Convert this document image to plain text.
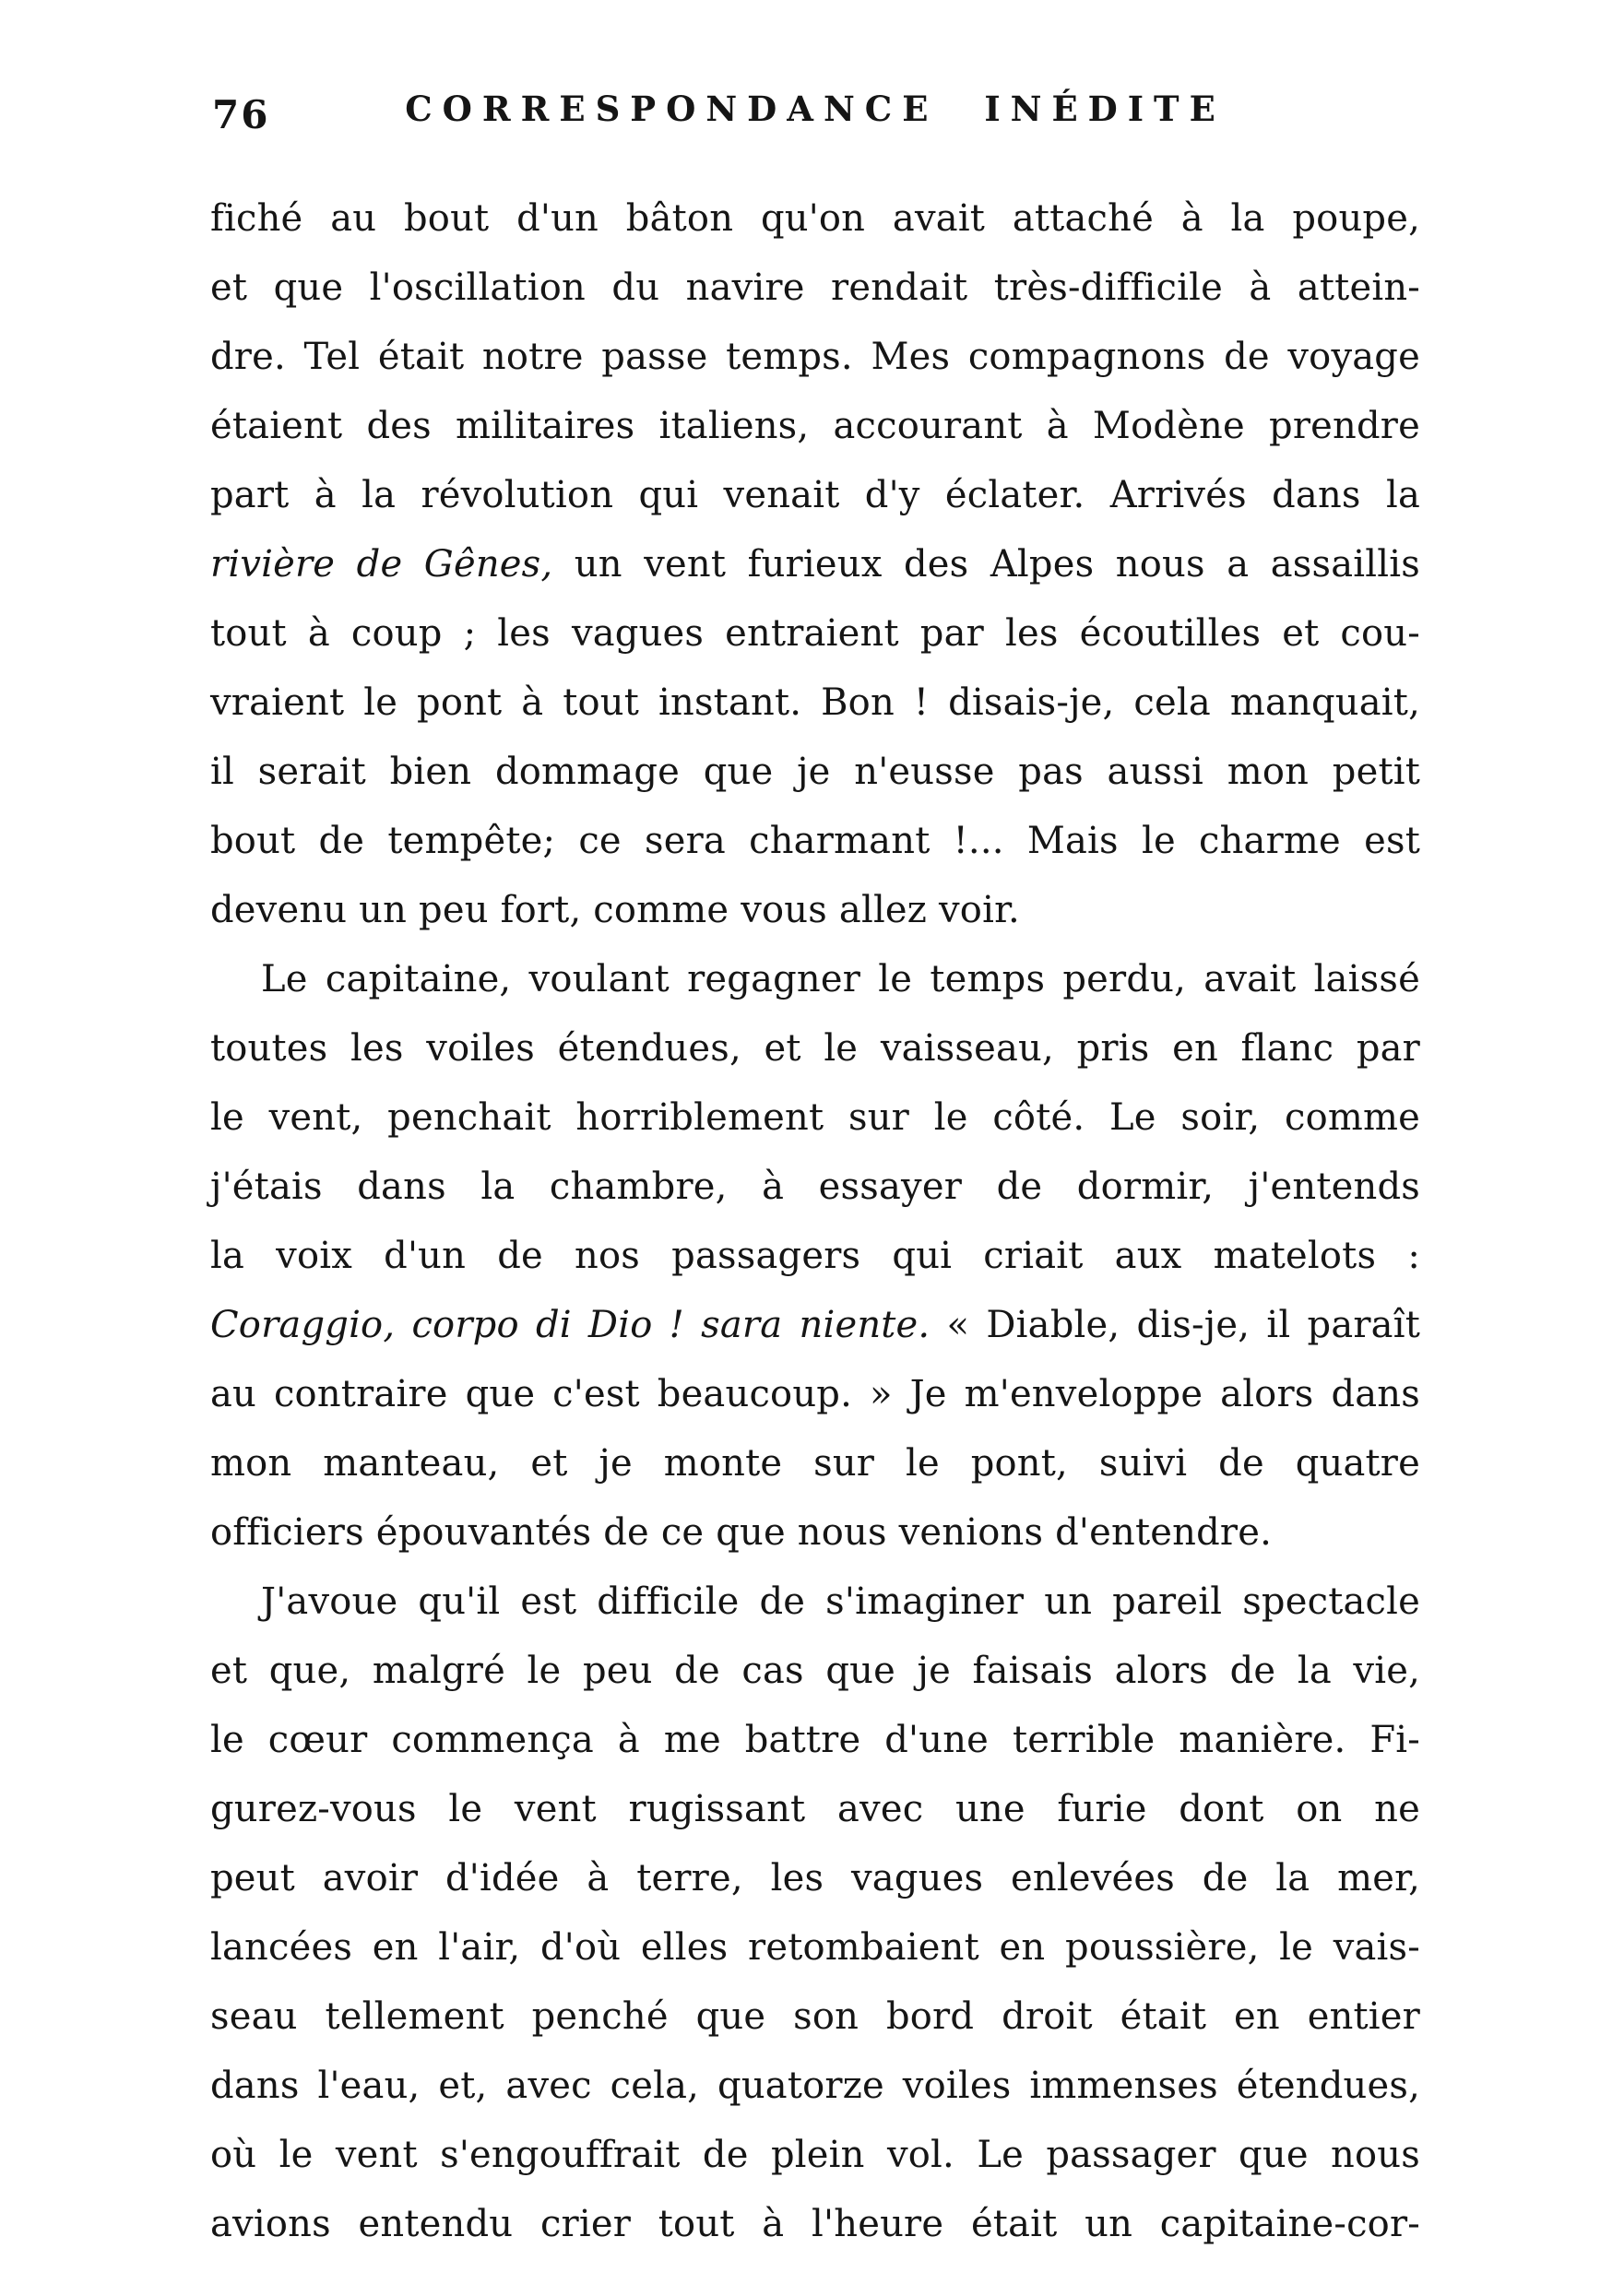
76	CORRESPONDANCE INÉDITE
fiché au bout d'un bâton qu'on avait attaché à la poupe,
et que l'oscillation du navire rendait très-difficile à attein-
dre. Tel était notre passe temps. Mes compagnons de voyage
étaient des militaires italiens, accourant à Modène prendre
part à la révolution qui venait d'y éclater. Arrivés dans la
rivière de Gênes, un vent furieux des Alpes nous a assaillis
tout à coup ; les vagues entraient par les écoutilles et cou-
vraient le pont à tout instant. Bon ! disais-je, cela manquait,
il serait bien dommage que je n'eusse pas aussi mon petit
bout de tempête; ce sera charmant !... Mais le charme est
devenu un peu fort, comme vous allez voir.
Le capitaine, voulant regagner le temps perdu, avait laissé
toutes les voiles étendues, et le vaisseau, pris en flanc par
le vent, penchait horriblement sur le côté. Le soir, comme
j'étais dans la chambre, à essayer de dormir, j'entends
la voix d'un de nos passagers qui criait aux matelots :
Coraggio, corpo di Dio ! sara niente. « Diable, dis-je, il paraît
au contraire que c'est beaucoup. » Je m'enveloppe alors dans
mon manteau, et je monte sur le pont, suivi de quatre
officiers épouvantés de ce que nous venions d'entendre.
J'avoue qu'il est difficile de s'imaginer un pareil spectacle
et que, malgré le peu de cas que je faisais alors de la vie,
le cœur commença à me battre d'une terrible manière. Fi-
gurez-vous le vent rugissant avec une furie dont on ne
peut avoir d'idée à terre, les vagues enlevées de la mer,
lancées en l'air, d'où elles retombaient en poussière, le vais-
seau tellement penché que son bord droit était en entier
dans l'eau, et, avec cela, quatorze voiles immenses étendues,
où le vent s'engouffrait de plein vol. Le passager que nous
avions entendu crier tout à l'heure était un capitaine-cor-
